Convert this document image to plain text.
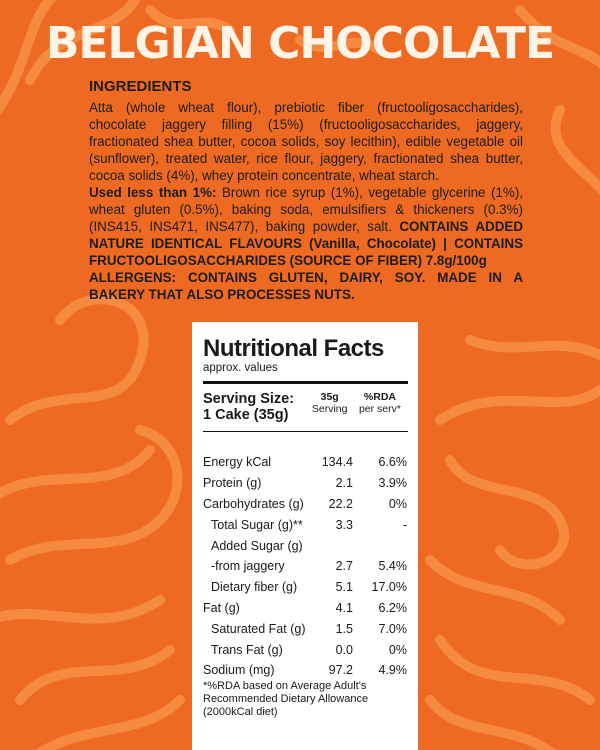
BELGIAN CHOCOLATE
INGREDIENTS

Atta (whole wheat flour), prebiotic fiber (fructooligosaccharides), chocolate jaggery filling (15%) (fructooligosaccharides, jaggery, fractionated shea butter, cocoa solids, soy lecithin), edible vegetable oil (sunflower), treated water, rice flour, jaggery, fractionated shea butter, cocoa solids (4%), whey protein concentrate, wheat starch.
Used less than 1%: Brown rice syrup (1%), vegetable glycerine (1%), wheat gluten (0.5%), baking soda, emulsifiers & thickeners (0.3%) (INS415, INS471, INS477), baking powder, salt. CONTAINS ADDED NATURE IDENTICAL FLAVOURS (Vanilla, Chocolate) | CONTAINS FRUCTOOLIGOSACCHARIDES (SOURCE OF FIBER) 7.8g/100g
ALLERGENS: CONTAINS GLUTEN, DAIRY, SOY. MADE IN A BAKERY THAT ALSO PROCESSES NUTS.

Nutritional Facts
approx. values
Serving Size:
1 Cake (35g)
35g
Serving
%RDA
per serv*
Energy kCal	134.4	6.6%
Protein (g)	2.1	3.9%
Carbohydrates (g)	22.2	0%
Total Sugar (g)**	3.3	-
Added Sugar (g)
-from jaggery	2.7	5.4%
Dietary fiber (g)	5.1	17.0%
Fat (g)	4.1	6.2%
Saturated Fat (g)	1.5	7.0%
Trans Fat (g)	0.0	0%
Sodium (mg)	97.2	4.9%
*%RDA based on Average Adult's Recommended Dietary Allowance (2000kCal diet)
